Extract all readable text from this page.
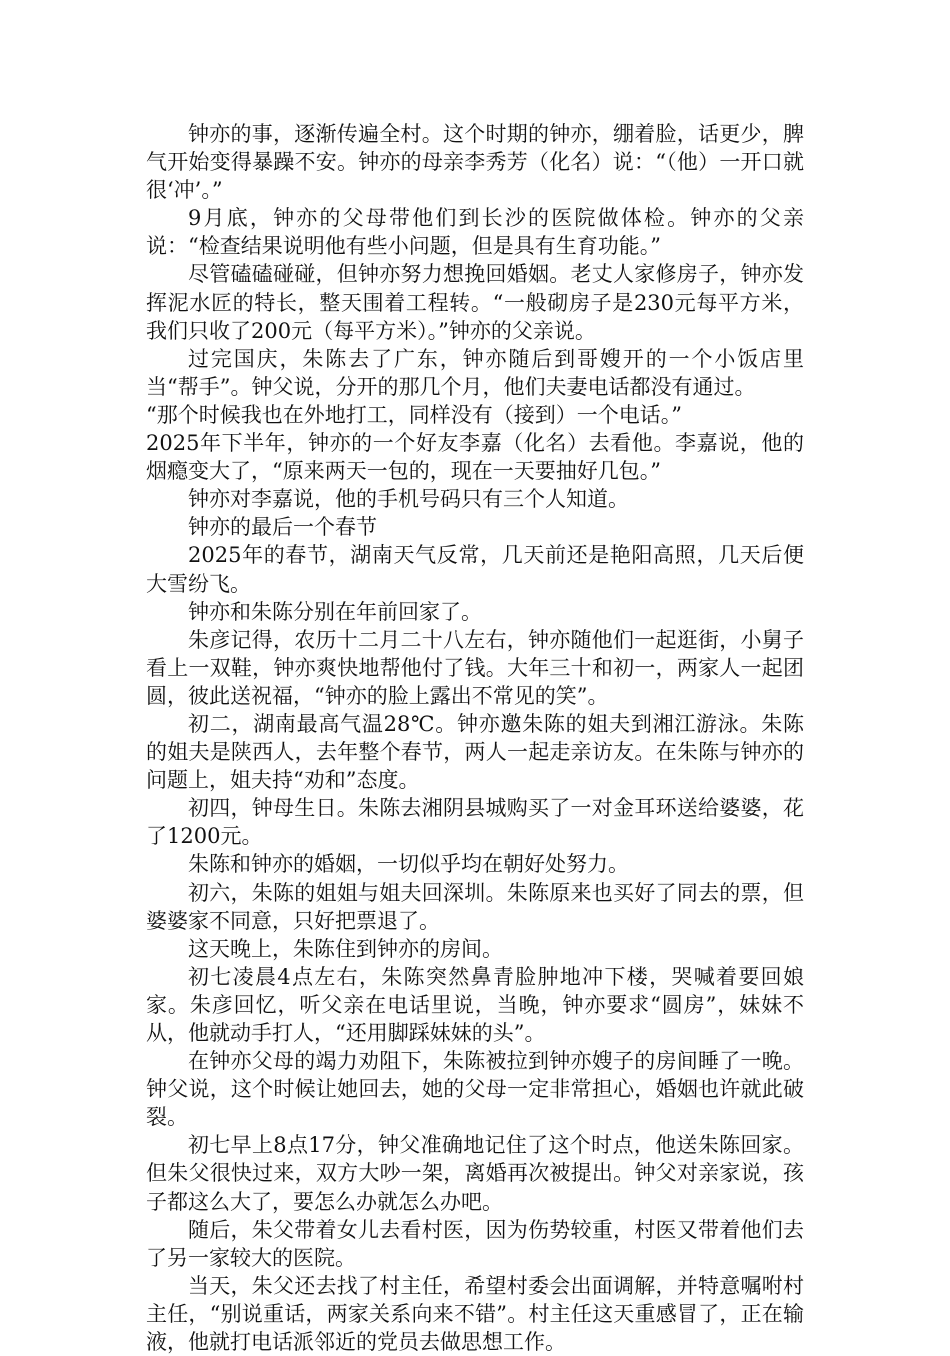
钟亦的事，逐渐传遍全村。这个时期的钟亦，绷着脸，话更少，脾气开始变得暴躁不安。钟亦的母亲李秀芳（化名）说：“（他）一开口就很‘冲’。”

9月底，钟亦的父母带他们到长沙的医院做体检。钟亦的父亲说：“检查结果说明他有些小问题，但是具有生育功能。”

尽管磕磕碰碰，但钟亦努力想挽回婚姻。老丈人家修房子，钟亦发挥泥水匠的特长，整天围着工程转。“一般砌房子是230元每平方米，我们只收了200元（每平方米）。”钟亦的父亲说。

过完国庆，朱陈去了广东，钟亦随后到哥嫂开的一个小饭店里当“帮手”。钟父说，分开的那几个月，他们夫妻电话都没有通过。

“那个时候我也在外地打工，同样没有（接到）一个电话。”

2025年下半年，钟亦的一个好友李嘉（化名）去看他。李嘉说，他的烟瘾变大了，“原来两天一包的，现在一天要抽好几包。”

钟亦对李嘉说，他的手机号码只有三个人知道。

钟亦的最后一个春节

2025年的春节，湖南天气反常，几天前还是艳阳高照，几天后便大雪纷飞。

钟亦和朱陈分别在年前回家了。

朱彦记得，农历十二月二十八左右，钟亦随他们一起逛街，小舅子看上一双鞋，钟亦爽快地帮他付了钱。大年三十和初一，两家人一起团圆，彼此送祝福，“钟亦的脸上露出不常见的笑”。

初二，湖南最高气温28℃。钟亦邀朱陈的姐夫到湘江游泳。朱陈的姐夫是陕西人，去年整个春节，两人一起走亲访友。在朱陈与钟亦的问题上，姐夫持“劝和”态度。

初四，钟母生日。朱陈去湘阴县城购买了一对金耳环送给婆婆，花了1200元。

朱陈和钟亦的婚姻，一切似乎均在朝好处努力。

初六，朱陈的姐姐与姐夫回深圳。朱陈原来也买好了同去的票，但婆婆家不同意，只好把票退了。

这天晚上，朱陈住到钟亦的房间。

初七凌晨4点左右，朱陈突然鼻青脸肿地冲下楼，哭喊着要回娘家。朱彦回忆，听父亲在电话里说，当晚，钟亦要求“圆房”，妹妹不从，他就动手打人，“还用脚踩妹妹的头”。

在钟亦父母的竭力劝阻下，朱陈被拉到钟亦嫂子的房间睡了一晚。钟父说，这个时候让她回去，她的父母一定非常担心，婚姻也许就此破裂。

初七早上8点17分，钟父准确地记住了这个时点，他送朱陈回家。但朱父很快过来，双方大吵一架，离婚再次被提出。钟父对亲家说，孩子都这么大了，要怎么办就怎么办吧。

随后，朱父带着女儿去看村医，因为伤势较重，村医又带着他们去了另一家较大的医院。

当天，朱父还去找了村主任，希望村委会出面调解，并特意嘱咐村主任，“别说重话，两家关系向来不错”。村主任这天重感冒了，正在输液，他就打电话派邻近的党员去做思想工作。
